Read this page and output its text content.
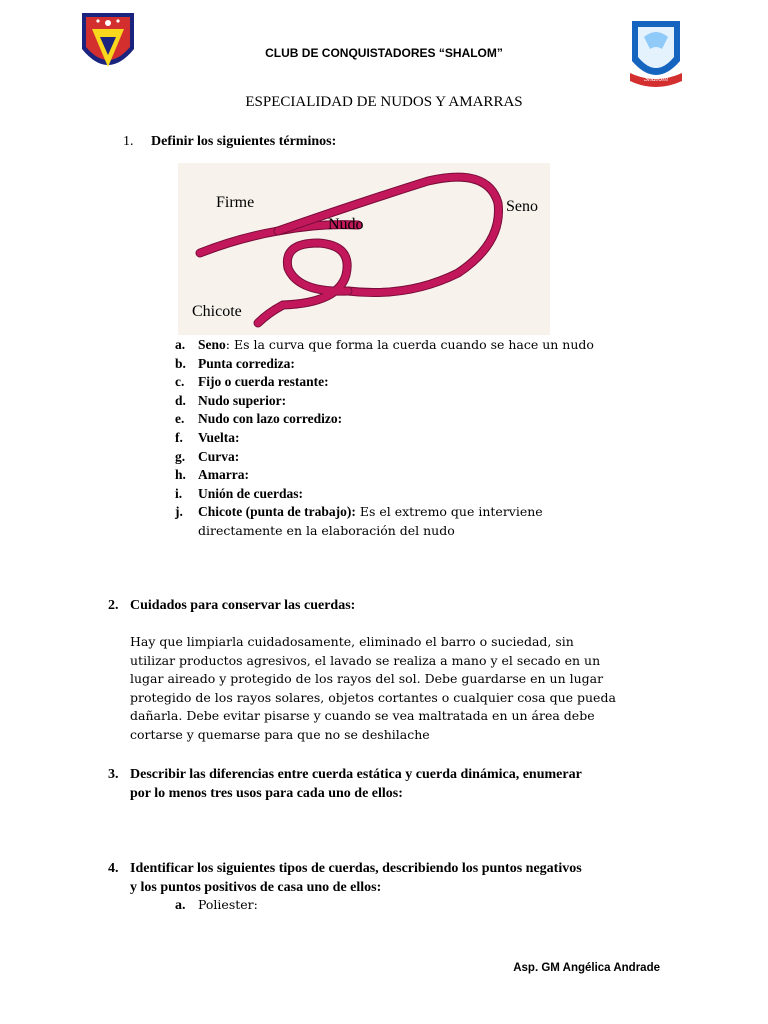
CLUB DE CONQUISTADORES “SHALOM”
Shalom
ESPECIALIDAD DE NUDOS Y AMARRAS
1. Definir los siguientes términos:
Firme
Nudo
Seno
Chicote
a. Seno: Es la curva que forma la cuerda cuando se hace un nudo
b. Punta corrediza:
c. Fijo o cuerda restante:
d. Nudo superior:
e. Nudo con lazo corredizo:
f. Vuelta:
g. Curva:
h. Amarra:
i. Unión de cuerdas:
j. Chicote (punta de trabajo): Es el extremo que interviene
directamente en la elaboración del nudo
2. Cuidados para conservar las cuerdas:
Hay que limpiarla cuidadosamente, eliminado el barro o suciedad, sin
utilizar productos agresivos, el lavado se realiza a mano y el secado en un
lugar aireado y protegido de los rayos del sol. Debe guardarse en un lugar
protegido de los rayos solares, objetos cortantes o cualquier cosa que pueda
dañarla. Debe evitar pisarse y cuando se vea maltratada en un área debe
cortarse y quemarse para que no se deshilache
3. Describir las diferencias entre cuerda estática y cuerda dinámica, enumerar
por lo menos tres usos para cada uno de ellos:
4. Identificar los siguientes tipos de cuerdas, describiendo los puntos negativos
y los puntos positivos de casa uno de ellos:
a. Poliester:
Asp. GM Angélica Andrade
